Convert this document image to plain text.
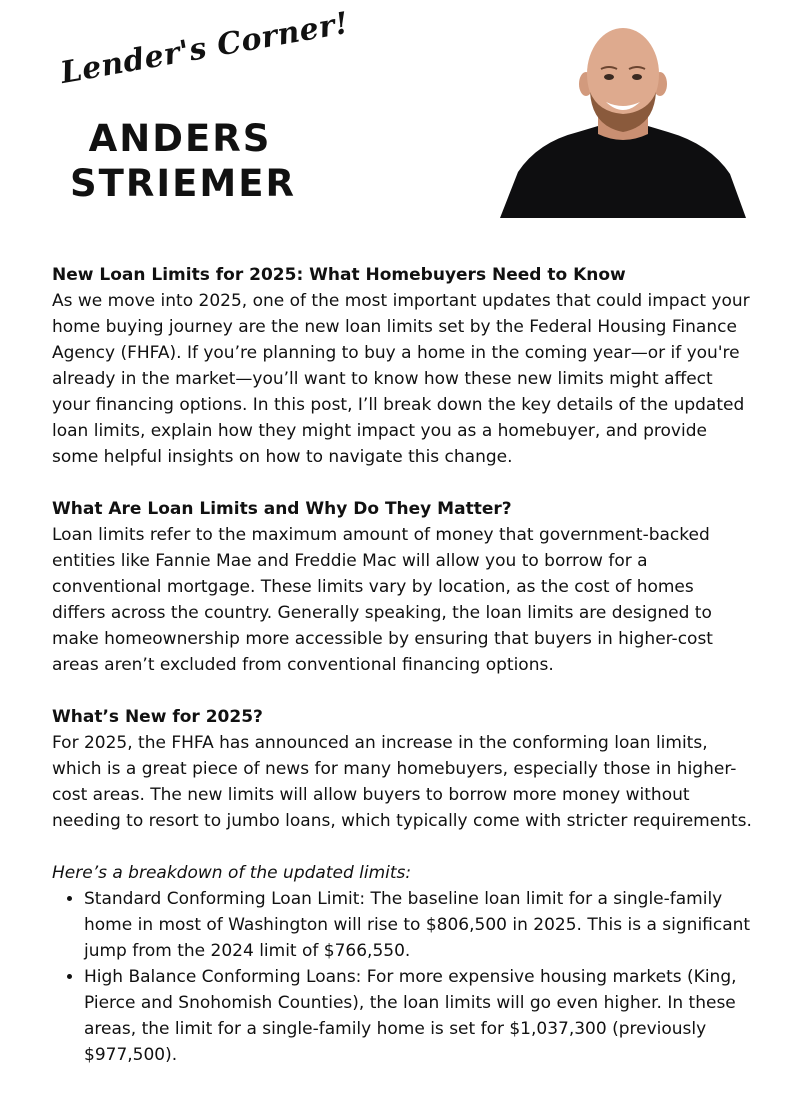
Lender's Corner!
ANDERS
STRIEMER

New Loan Limits for 2025: What Homebuyers Need to Know

As we move into 2025, one of the most important updates that could impact your home buying journey are the new loan limits set by the Federal Housing Finance Agency (FHFA). If you’re planning to buy a home in the coming year—or if you're already in the market—you’ll want to know how these new limits might affect your financing options. In this post, I’ll break down the key details of the updated loan limits, explain how they might impact you as a homebuyer, and provide some helpful insights on how to navigate this change.

What Are Loan Limits and Why Do They Matter?

Loan limits refer to the maximum amount of money that government-backed entities like Fannie Mae and Freddie Mac will allow you to borrow for a conventional mortgage. These limits vary by location, as the cost of homes differs across the country. Generally speaking, the loan limits are designed to make homeownership more accessible by ensuring that buyers in higher-cost areas aren’t excluded from conventional financing options.

What’s New for 2025?

For 2025, the FHFA has announced an increase in the conforming loan limits, which is a great piece of news for many homebuyers, especially those in higher-cost areas. The new limits will allow buyers to borrow more money without needing to resort to jumbo loans, which typically come with stricter requirements.

Here’s a breakdown of the updated limits:

• Standard Conforming Loan Limit: The baseline loan limit for a single-family home in most of Washington will rise to $806,500 in 2025. This is a significant jump from the 2024 limit of $766,550.
• High Balance Conforming Loans: For more expensive housing markets (King, Pierce and Snohomish Counties), the loan limits will go even higher. In these areas, the limit for a single-family home is set for $1,037,300 (previously $977,500).
